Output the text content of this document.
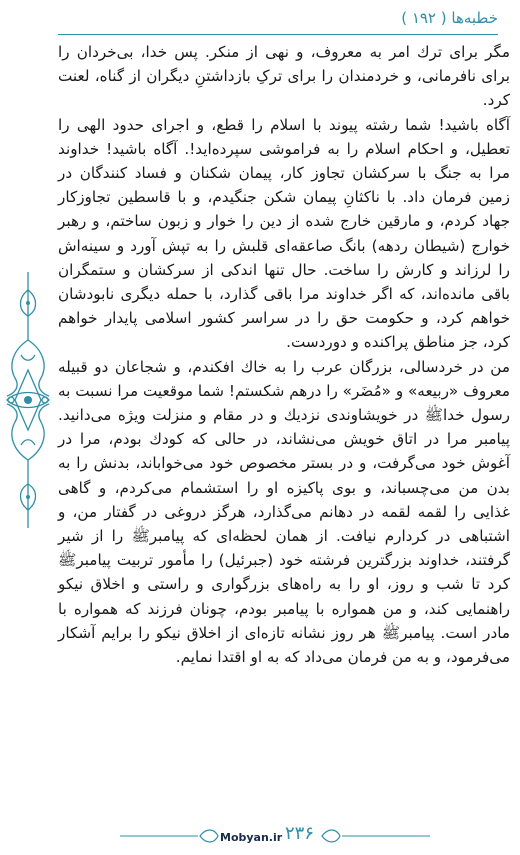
خطبه‌ها ( ۱۹۲ )

مگر برای ترك امر به معروف، و نهی از منكر. پس خدا، بی‌خردان را برای نافرمانی، و خردمندان را برای ترکِ بازداشتنِ دیگران از گناه، لعنت کرد.

آگاه باشید! شما رشته پیوند با اسلام را قطع، و اجرای حدود الهی را تعطیل، و احکام اسلام را به فراموشی سپرده‌اید!. آگاه باشید! خداوند مرا به جنگ با سرکشان تجاوز کار، پیمان شکنان و فساد کنندگان در زمین فرمان داد. با ناکثانِ پیمان شکن جنگیدم، و با قاسطین تجاوزکار جهاد کردم، و مارقین خارج شده از دین را خوار و زبون ساختم، و رهبر خوارج (شیطان ردهه) بانگ صاعقه‌ای قلبش را به تپش آورد و سینه‌اش را لرزاند و کارش را ساخت. حال تنها اندکی از سرکشان و ستمگران باقی مانده‌اند، که اگر خداوند مرا باقی گذارد، با حمله دیگری نابودشان خواهم کرد، و حکومت حق را در سراسر کشور اسلامی پایدار خواهم کرد، جز مناطق پراکنده و دوردست.

من در خردسالی، بزرگان عرب را به خاك افکندم، و شجاعان دو قبیله معروف «ربیعه» و «مُضَر» را درهم شکستم! شما موقعیت مرا نسبت به رسول خداﷺ در خویشاوندی نزدیك و در مقام و منزلت ویژه می‌دانید. پیامبر مرا در اتاق خویش می‌نشاند، در حالی که کودك بودم، مرا در آغوش خود می‌گرفت، و در بستر مخصوص خود می‌خواباند، بدنش را به بدن من می‌چسباند، و بوی پاکیزه او را استشمام می‌کردم، و گاهی غذایی را لقمه لقمه در دهانم می‌گذارد، هرگز دروغی در گفتار من، و اشتباهی در کردارم نیافت. از همان لحظه‌ای که پیامبرﷺ را از شیر گرفتند، خداوند بزرگترین فرشته خود (جبرئیل) را مأمور تربیت پیامبرﷺ کرد تا شب و روز، او را به راه‌های بزرگواری و راستی و اخلاق نیکو راهنمایی کند، و من همواره با پیامبر بودم، چونان فرزند که همواره با مادر است. پیامبرﷺ هر روز نشانه تازه‌ای از اخلاق نیکو را برایم آشکار می‌فرمود، و به من فرمان می‌داد که به او اقتدا نمایم.

Mobyan.ir ۲۳۶
